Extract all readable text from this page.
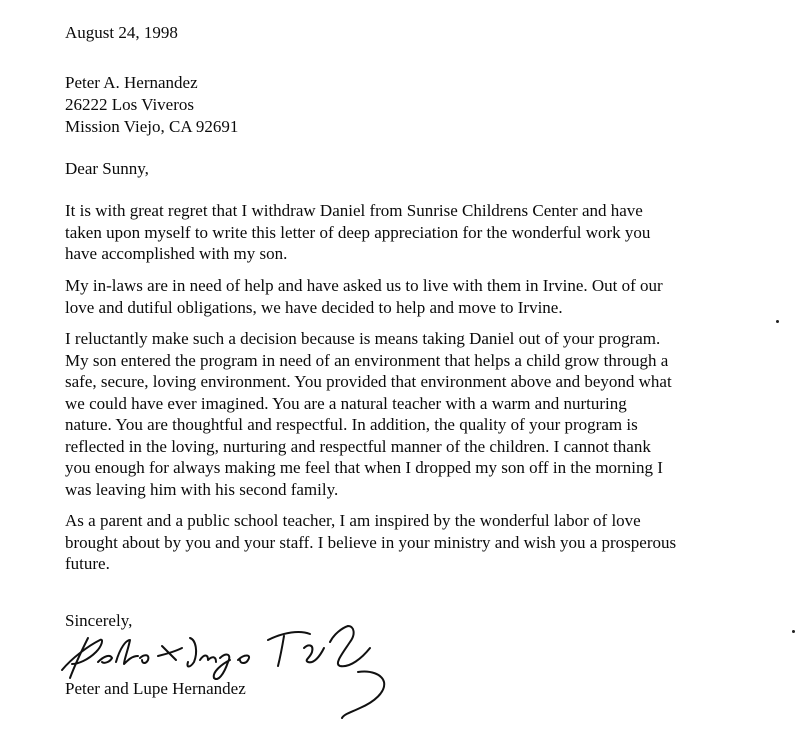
August 24, 1998
Peter A. Hernandez
26222 Los Viveros
Mission Viejo, CA 92691
Dear Sunny,
It is with great regret that I withdraw Daniel from Sunrise Childrens Center and have
taken upon myself to write this letter of deep appreciation for the wonderful work you
have accomplished with my son.
My in-laws are in need of help and have asked us to live with them in Irvine. Out of our
love and dutiful obligations, we have decided to help and move to Irvine.
I reluctantly make such a decision because is means taking Daniel out of your program.
My son entered the program in need of an environment that helps a child grow through a
safe, secure, loving environment. You provided that environment above and beyond what
we could have ever imagined. You are a natural teacher with a warm and nurturing
nature. You are thoughtful and respectful. In addition, the quality of your program is
reflected in the loving, nurturing and respectful manner of the children. I cannot thank
you enough for always making me feel that when I dropped my son off in the morning I
was leaving him with his second family.
As a parent and a public school teacher, I am inspired by the wonderful labor of love
brought about by you and your staff. I believe in your ministry and wish you a prosperous
future.
Sincerely,
Peter and Lupe Hernandez
